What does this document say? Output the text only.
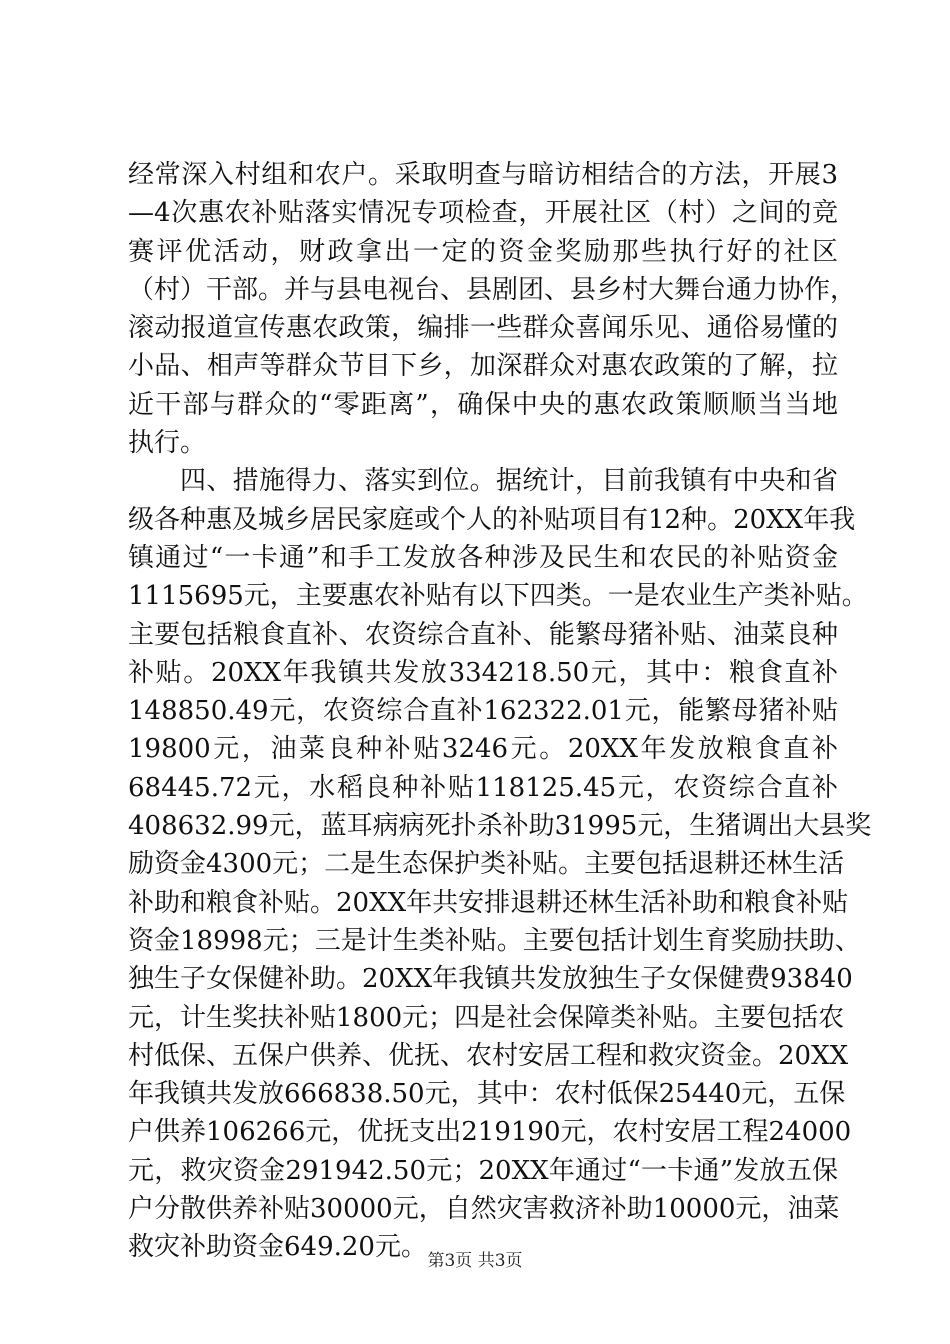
经常深入村组和农户。采取明查与暗访相结合的方法，开展3
—4次惠农补贴落实情况专项检查，开展社区（村）之间的竞
赛评优活动，财政拿出一定的资金奖励那些执行好的社区
（村）干部。并与县电视台、县剧团、县乡村大舞台通力协作，
滚动报道宣传惠农政策，编排一些群众喜闻乐见、通俗易懂的
小品、相声等群众节目下乡，加深群众对惠农政策的了解，拉
近干部与群众的“零距离”，确保中央的惠农政策顺顺当当地
执行。
四、措施得力、落实到位。据统计，目前我镇有中央和省
级各种惠及城乡居民家庭或个人的补贴项目有12种。20XX年我
镇通过“一卡通”和手工发放各种涉及民生和农民的补贴资金
1115695元，主要惠农补贴有以下四类。一是农业生产类补贴。
主要包括粮食直补、农资综合直补、能繁母猪补贴、油菜良种
补贴。20XX年我镇共发放334218.50元，其中：粮食直补
148850.49元，农资综合直补162322.01元，能繁母猪补贴
19800元，油菜良种补贴3246元。20XX年发放粮食直补
68445.72元，水稻良种补贴118125.45元，农资综合直补
408632.99元，蓝耳病病死扑杀补助31995元，生猪调出大县奖
励资金4300元；二是生态保护类补贴。主要包括退耕还林生活
补助和粮食补贴。20XX年共安排退耕还林生活补助和粮食补贴
资金18998元；三是计生类补贴。主要包括计划生育奖励扶助、
独生子女保健补助。20XX年我镇共发放独生子女保健费93840
元，计生奖扶补贴1800元；四是社会保障类补贴。主要包括农
村低保、五保户供养、优抚、农村安居工程和救灾资金。20XX
年我镇共发放666838.50元，其中：农村低保25440元，五保
户供养106266元，优抚支出219190元，农村安居工程24000
元，救灾资金291942.50元；20XX年通过“一卡通”发放五保
户分散供养补贴30000元，自然灾害救济补助10000元，油菜
救灾补助资金649.20元。 第3页 共3页
